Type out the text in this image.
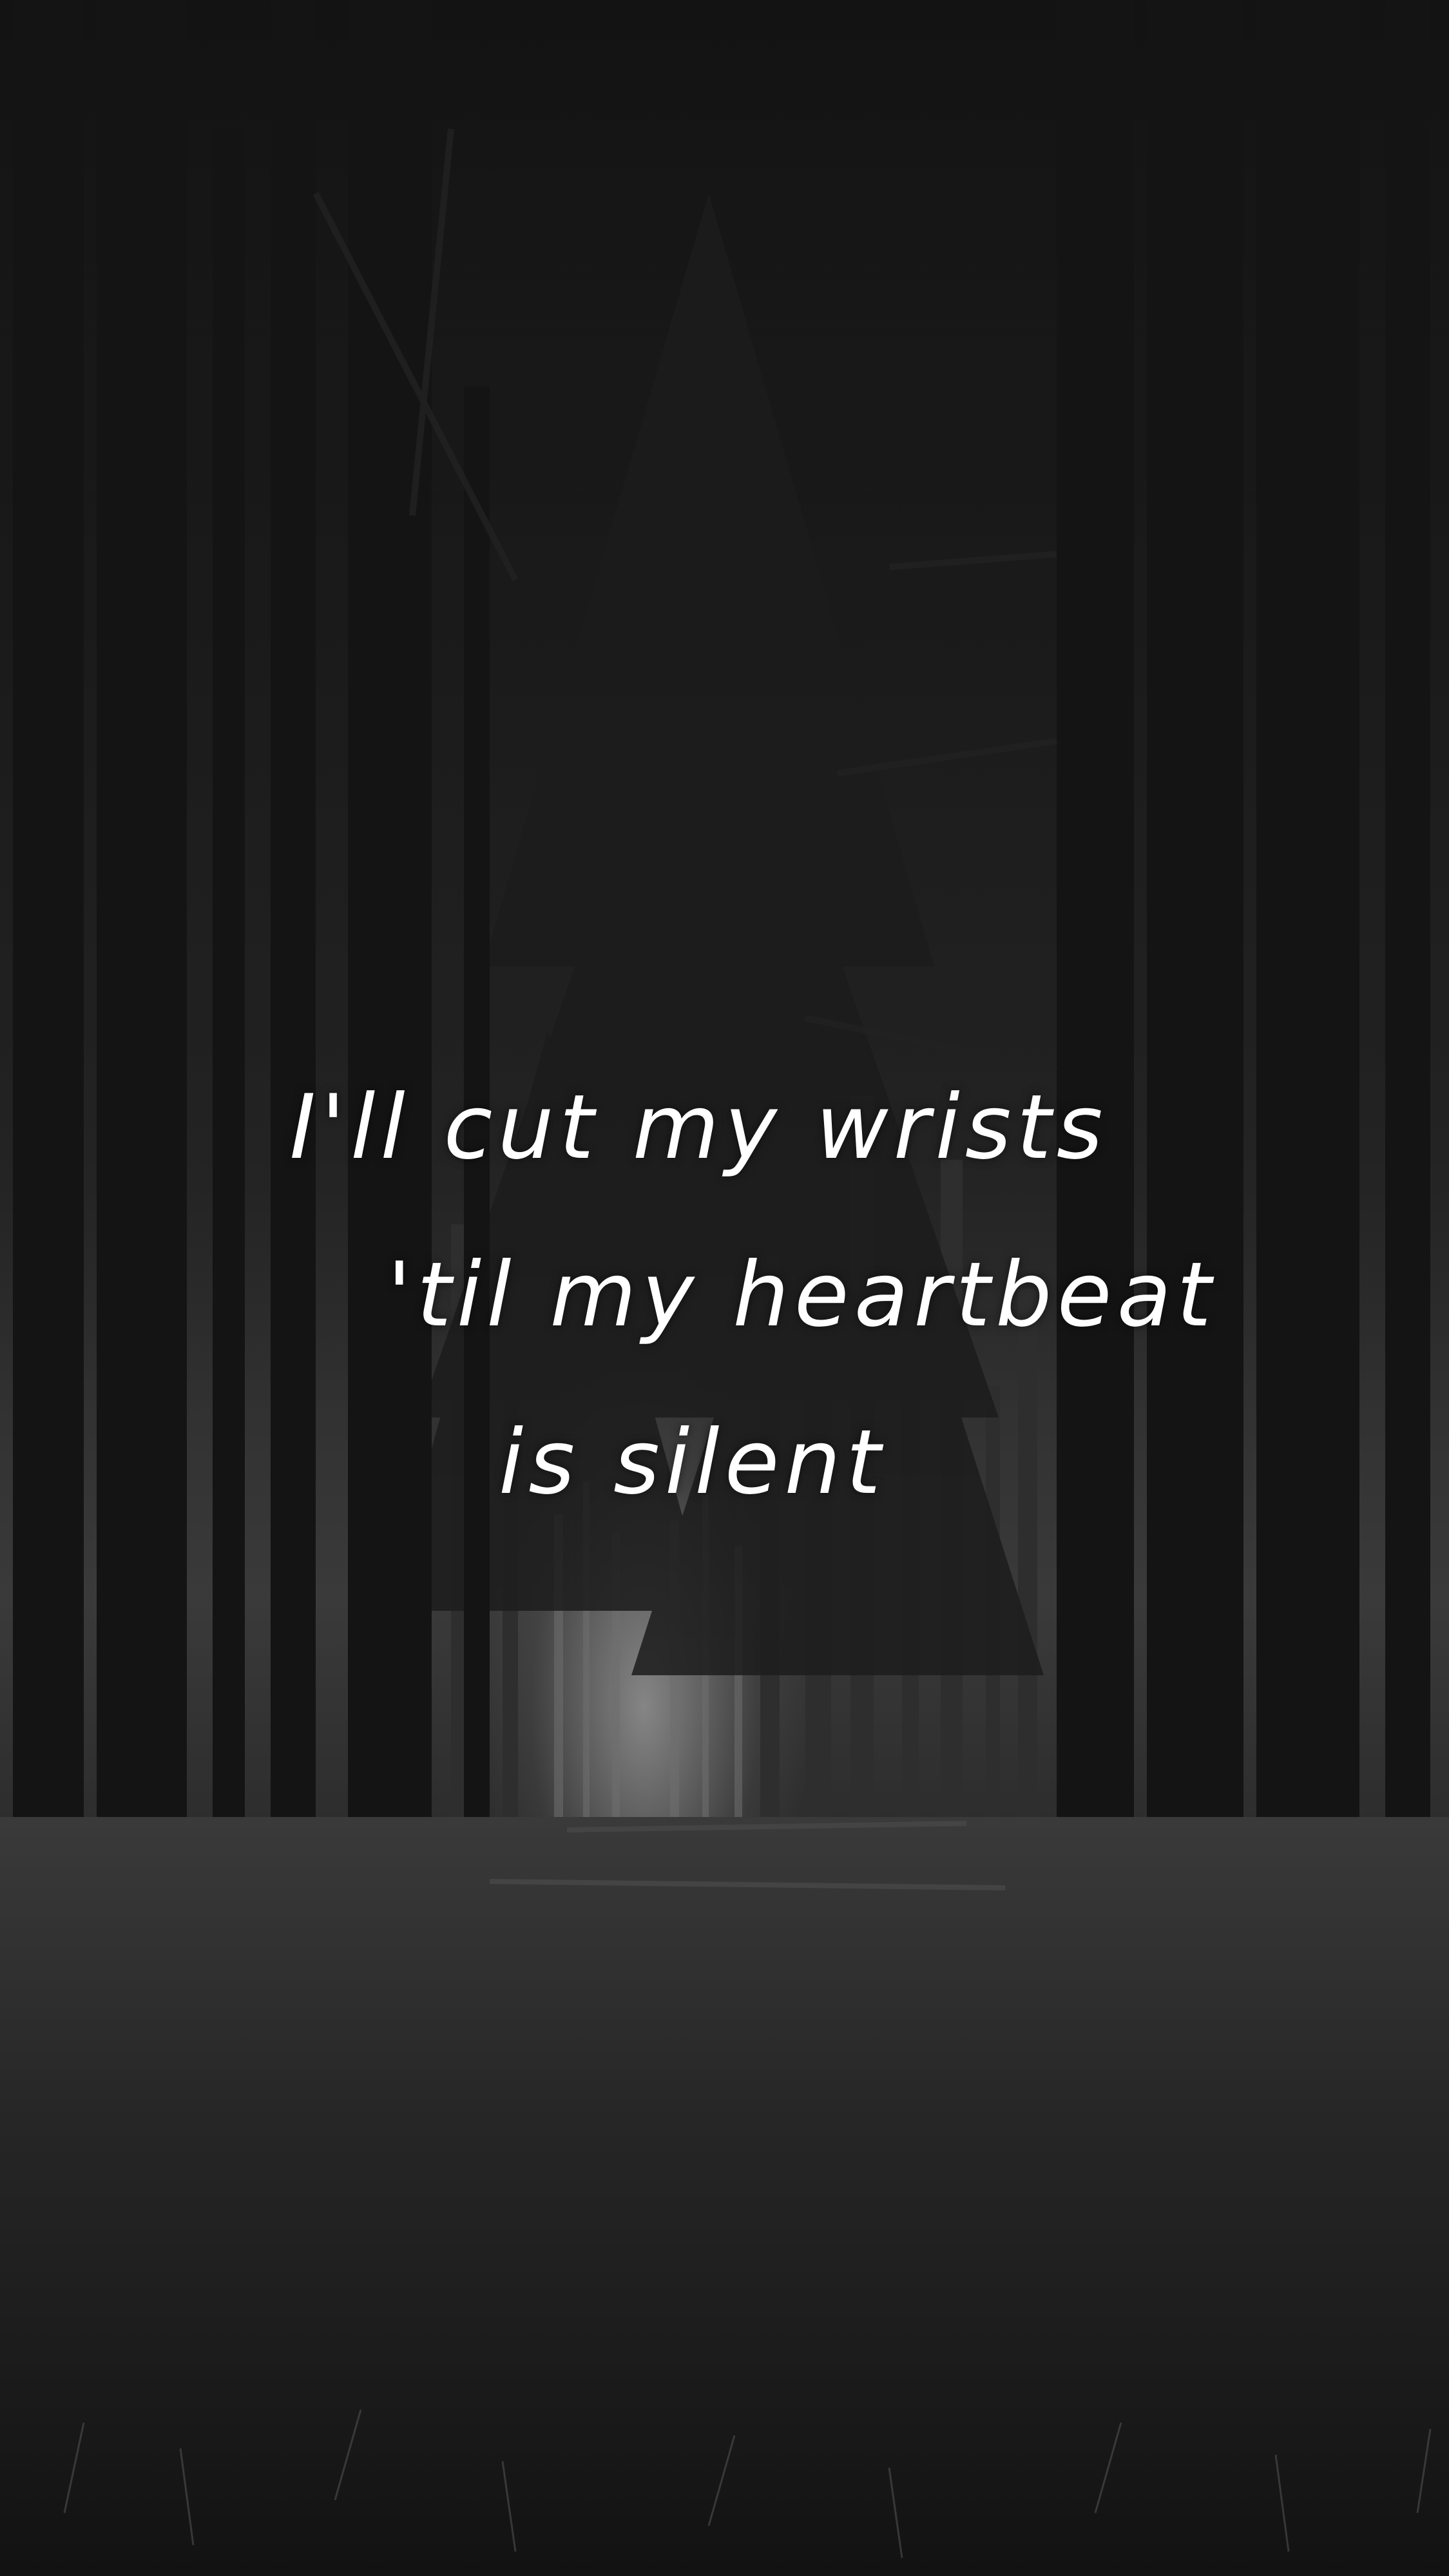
I'll cut my wrists
'til my heartbeat
is silent
